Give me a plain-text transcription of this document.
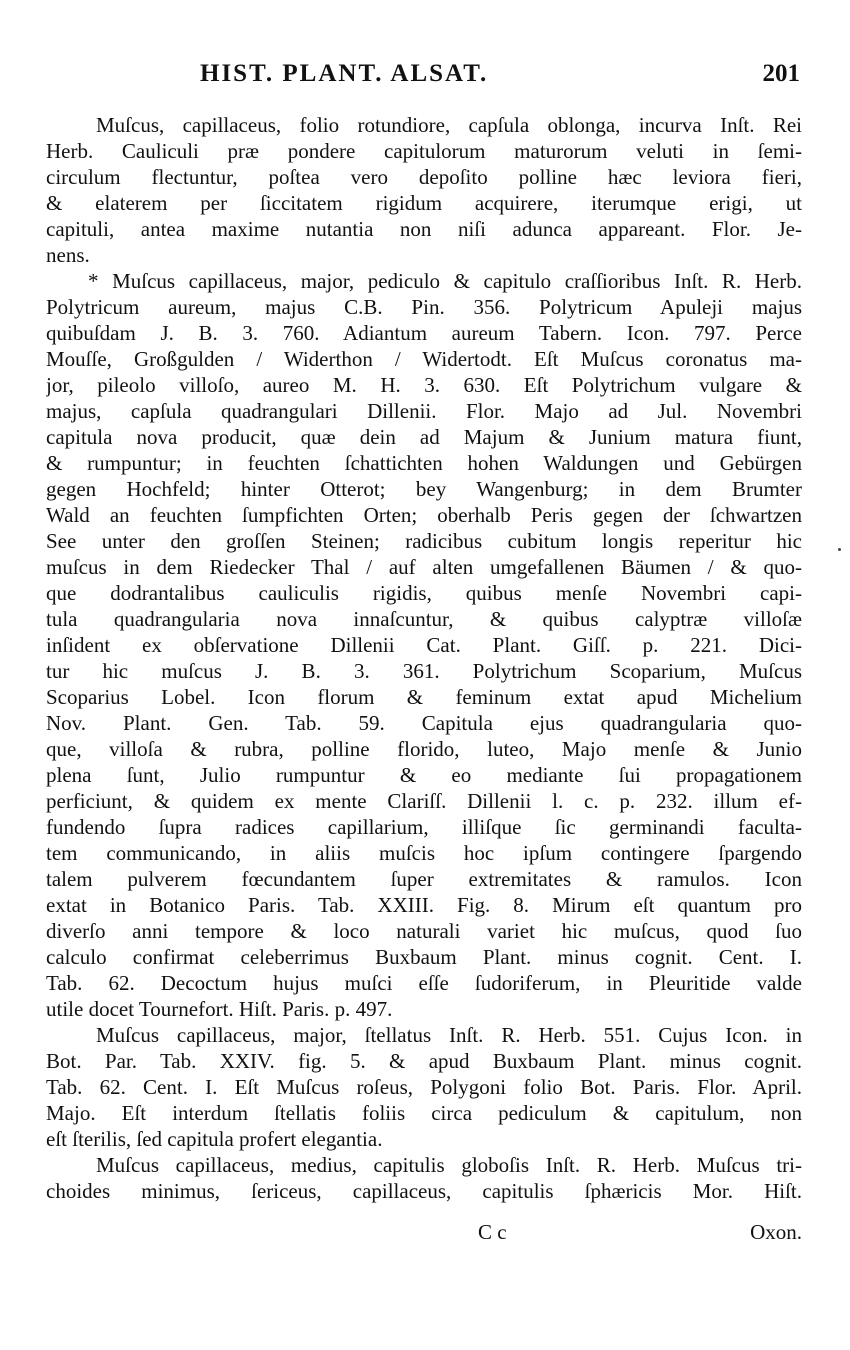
HIST. PLANT. ALSAT.	201
Muſcus, capillaceus, folio rotundiore, capſula oblonga, incurva Inſt. Rei
Herb. Cauliculi præ pondere capitulorum maturorum veluti in ſemi-
circulum flectuntur, poſtea vero depoſito polline hæc leviora fieri,
& elaterem per ſiccitatem rigidum acquirere, iterumque erigi, ut
capituli, antea maxime nutantia non niſi adunca appareant. Flor. Je-
nens.
* Muſcus capillaceus, major, pediculo & capitulo craſſioribus Inſt. R. Herb.
Polytricum aureum, majus C.B. Pin. 356. Polytricum Apuleji majus
quibuſdam J. B. 3. 760. Adiantum aureum Tabern. Icon. 797. Perce
Mouſſe, Großgulden / Widerthon / Widertodt. Eſt Muſcus coronatus ma-
jor, pileolo villoſo, aureo M. H. 3. 630. Eſt Polytrichum vulgare &
majus, capſula quadrangulari Dillenii. Flor. Majo ad Jul. Novembri
capitula nova producit, quæ dein ad Majum & Junium matura fiunt,
& rumpuntur; in feuchten ſchattichten hohen Waldungen und Gebürgen
gegen Hochfeld; hinter Otterot; bey Wangenburg; in dem Brumter
Wald an feuchten ſumpfichten Orten; oberhalb Peris gegen der ſchwartzen
See unter den groſſen Steinen; radicibus cubitum longis reperitur hic
muſcus in dem Riedecker Thal / auf alten umgefallenen Bäumen / & quo-
que dodrantalibus cauliculis rigidis, quibus menſe Novembri capi-
tula quadrangularia nova innaſcuntur, & quibus calyptræ villoſæ
inſident ex obſervatione Dillenii Cat. Plant. Giſſ. p. 221. Dici-
tur hic muſcus J. B. 3. 361. Polytrichum Scoparium, Muſcus
Scoparius Lobel. Icon florum & feminum extat apud Michelium
Nov. Plant. Gen. Tab. 59. Capitula ejus quadrangularia quo-
que, villoſa & rubra, polline florido, luteo, Majo menſe & Junio
plena ſunt, Julio rumpuntur & eo mediante ſui propagationem
perficiunt, & quidem ex mente Clariſſ. Dillenii l. c. p. 232. illum ef-
fundendo ſupra radices capillarium, illiſque ſic germinandi faculta-
tem communicando, in aliis muſcis hoc ipſum contingere ſpargendo
talem pulverem fœcundantem ſuper extremitates & ramulos. Icon
extat in Botanico Paris. Tab. XXIII. Fig. 8. Mirum eſt quantum pro
diverſo anni tempore & loco naturali variet hic muſcus, quod ſuo
calculo confirmat celeberrimus Buxbaum Plant. minus cognit. Cent. I.
Tab. 62. Decoctum hujus muſci eſſe ſudoriferum, in Pleuritide valde
utile docet Tournefort. Hiſt. Paris. p. 497.
Muſcus capillaceus, major, ſtellatus Inſt. R. Herb. 551. Cujus Icon. in
Bot. Par. Tab. XXIV. fig. 5. & apud Buxbaum Plant. minus cognit.
Tab. 62. Cent. I. Eſt Muſcus roſeus, Polygoni folio Bot. Paris. Flor. April.
Majo. Eſt interdum ſtellatis foliis circa pediculum & capitulum, non
eſt ſterilis, ſed capitula profert elegantia.
Muſcus capillaceus, medius, capitulis globoſis Inſt. R. Herb. Muſcus tri-
choides minimus, ſericeus, capillaceus, capitulis ſphæricis Mor. Hiſt.
C c	Oxon.
